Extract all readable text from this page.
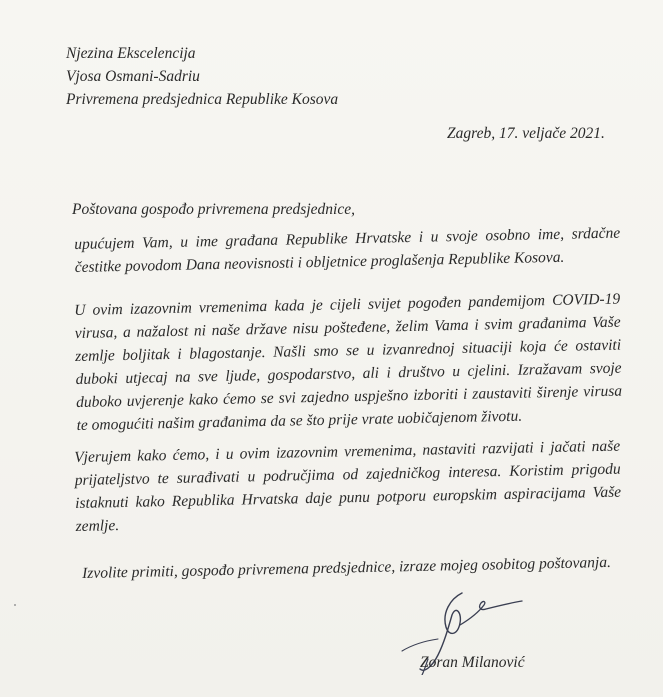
Njezina Ekscelencija
Vjosa Osmani-Sadriu
Privremena predsjednica Republike Kosova
Zagreb, 17. veljače 2021.
Poštovana gospođo privremena predsjednice,
upućujem Vam, u ime građana Republike Hrvatske i u svoje osobno ime, srdačne čestitke povodom Dana neovisnosti i obljetnice proglašenja Republike Kosova.
U ovim izazovnim vremenima kada je cijeli svijet pogođen pandemijom COVID-19 virusa, a nažalost ni naše države nisu pošteđene, želim Vama i svim građanima Vaše zemlje boljitak i blagostanje. Našli smo se u izvanrednoj situaciji koja će ostaviti duboki utjecaj na sve ljude, gospodarstvo, ali i društvo u cjelini. Izražavam svoje duboko uvjerenje kako ćemo se svi zajedno uspješno izboriti i zaustaviti širenje virusa te omogućiti našim građanima da se što prije vrate uobičajenom životu.
Vjerujem kako ćemo, i u ovim izazovnim vremenima, nastaviti razvijati i jačati naše prijateljstvo te surađivati u područjima od zajedničkog interesa. Koristim prigodu istaknuti kako Republika Hrvatska daje punu potporu europskim aspiracijama Vaše zemlje.
Izvolite primiti, gospođo privremena predsjednice, izraze mojeg osobitog poštovanja.
Zoran Milanović
